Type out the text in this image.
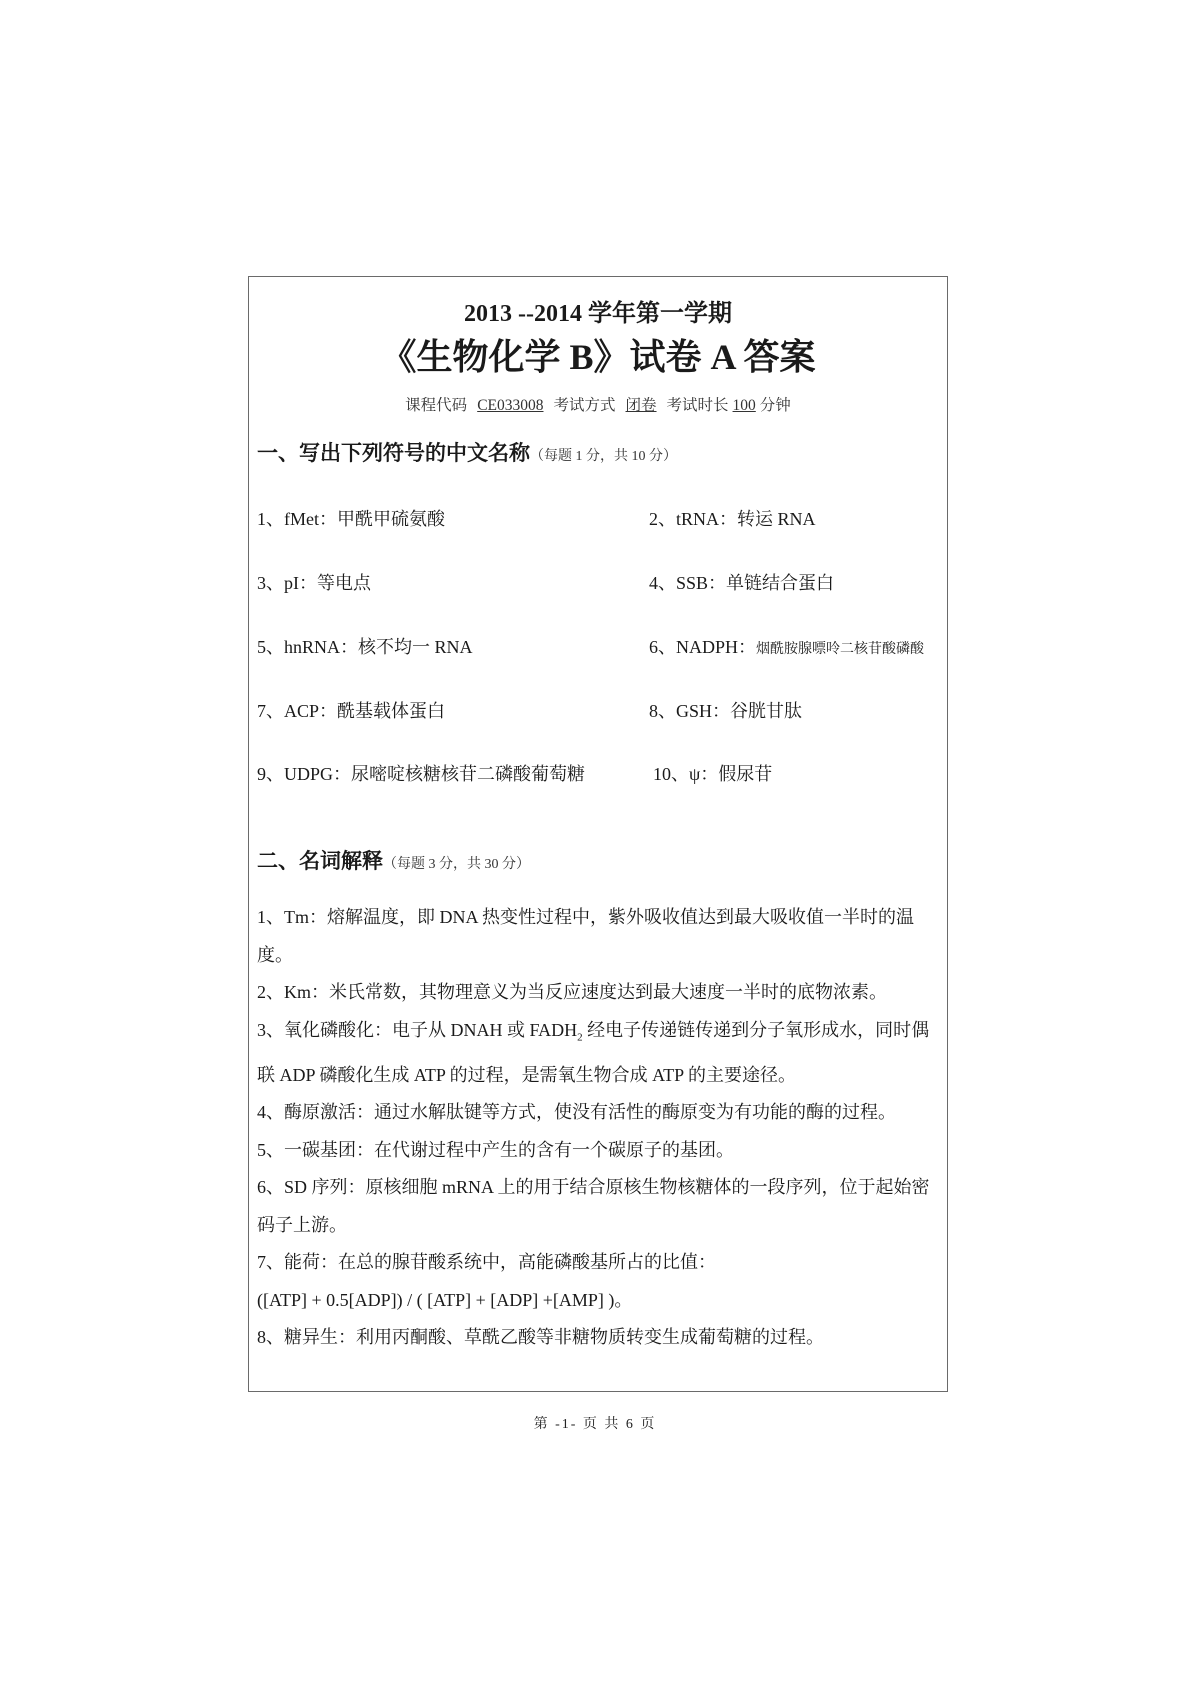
2013 --2014 学年第一学期
《生物化学 B》试卷 A 答案
课程代码 CE033008 考试方式 闭卷 考试时长 100 分钟
一、写出下列符号的中文名称（每题 1 分，共 10 分）
1、fMet：甲酰甲硫氨酸	2、tRNA：转运 RNA
3、pI：等电点	4、SSB：单链结合蛋白
5、hnRNA：核不均一 RNA	6、NADPH：烟酰胺腺嘌呤二核苷酸磷酸
7、ACP：酰基载体蛋白	8、GSH：谷胱甘肽
9、UDPG：尿嘧啶核糖核苷二磷酸葡萄糖	10、ψ：假尿苷
二、名词解释（每题 3 分，共 30 分）

1、Tm：熔解温度，即 DNA 热变性过程中，紫外吸收值达到最大吸收值一半时的温度。

2、Km：米氏常数，其物理意义为当反应速度达到最大速度一半时的底物浓素。

3、氧化磷酸化：电子从 DNAH 或 $FADH_2$ 经电子传递链传递到分子氧形成水，同时偶联 ADP 磷酸化生成 ATP 的过程，是需氧生物合成 ATP 的主要途径。

4、酶原激活：通过水解肽键等方式，使没有活性的酶原变为有功能的酶的过程。

5、一碳基团：在代谢过程中产生的含有一个碳原子的基团。

6、SD 序列：原核细胞 mRNA 上的用于结合原核生物核糖体的一段序列，位于起始密码子上游。

7、能荷：在总的腺苷酸系统中，高能磷酸基所占的比值：

([ATP] + 0.5[ADP]) / ( [ATP] + [ADP] +[AMP] )。

8、糖异生：利用丙酮酸、草酰乙酸等非糖物质转变生成葡萄糖的过程。

第 -1- 页 共 6 页
